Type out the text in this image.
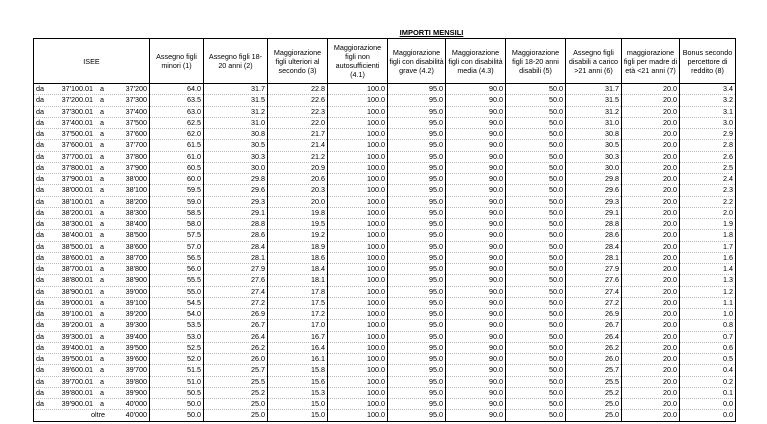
IMPORTI MENSILI
ISEE	Assegno figli minori (1)	Assegno figli 18-20 anni (2)	Maggiorazione figli ulteriori al secondo (3)	Maggiorazione figli non autosufficienti (4.1)	Maggiorazione figli con disabilità grave (4.2)	Maggiorazione figli con disabilità media (4.3)	Maggiorazione figli 18-20 anni disabili (5)	Assegno figli disabili a carico >21 anni (6)	maggiorazione figli per madre di età <21 anni (7)	Bonus secondo percettore di reddito (8)

da 37'100.01 a 37'200	64.0	31.7	22.8	100.0	95.0	90.0	50.0	31.7	20.0	3.4

da 37'200.01 a 37'300	63.5	31.5	22.6	100.0	95.0	90.0	50.0	31.5	20.0	3.2

da 37'300.01 a 37'400	63.0	31.2	22.3	100.0	95.0	90.0	50.0	31.2	20.0	3.1

da 37'400.01 a 37'500	62.5	31.0	22.0	100.0	95.0	90.0	50.0	31.0	20.0	3.0

da 37'500.01 a 37'600	62.0	30.8	21.7	100.0	95.0	90.0	50.0	30.8	20.0	2.9

da 37'600.01 a 37'700	61.5	30.5	21.4	100.0	95.0	90.0	50.0	30.5	20.0	2.8

da 37'700.01 a 37'800	61.0	30.3	21.2	100.0	95.0	90.0	50.0	30.3	20.0	2.6

da 37'800.01 a 37'900	60.5	30.0	20.9	100.0	95.0	90.0	50.0	30.0	20.0	2.5

da 37'900.01 a 38'000	60.0	29.8	20.6	100.0	95.0	90.0	50.0	29.8	20.0	2.4

da 38'000.01 a 38'100	59.5	29.6	20.3	100.0	95.0	90.0	50.0	29.6	20.0	2.3

da 38'100.01 a 38'200	59.0	29.3	20.0	100.0	95.0	90.0	50.0	29.3	20.0	2.2

da 38'200.01 a 38'300	58.5	29.1	19.8	100.0	95.0	90.0	50.0	29.1	20.0	2.0

da 38'300.01 a 38'400	58.0	28.8	19.5	100.0	95.0	90.0	50.0	28.8	20.0	1.9

da 38'400.01 a 38'500	57.5	28.6	19.2	100.0	95.0	90.0	50.0	28.6	20.0	1.8

da 38'500.01 a 38'600	57.0	28.4	18.9	100.0	95.0	90.0	50.0	28.4	20.0	1.7

da 38'600.01 a 38'700	56.5	28.1	18.6	100.0	95.0	90.0	50.0	28.1	20.0	1.6

da 38'700.01 a 38'800	56.0	27.9	18.4	100.0	95.0	90.0	50.0	27.9	20.0	1.4

da 38'800.01 a 38'900	55.5	27.6	18.1	100.0	95.0	90.0	50.0	27.6	20.0	1.3

da 38'900.01 a 39'000	55.0	27.4	17.8	100.0	95.0	90.0	50.0	27.4	20.0	1.2

da 39'000.01 a 39'100	54.5	27.2	17.5	100.0	95.0	90.0	50.0	27.2	20.0	1.1

da 39'100.01 a 39'200	54.0	26.9	17.2	100.0	95.0	90.0	50.0	26.9	20.0	1.0

da 39'200.01 a 39'300	53.5	26.7	17.0	100.0	95.0	90.0	50.0	26.7	20.0	0.8

da 39'300.01 a 39'400	53.0	26.4	16.7	100.0	95.0	90.0	50.0	26.4	20.0	0.7

da 39'400.01 a 39'500	52.5	26.2	16.4	100.0	95.0	90.0	50.0	26.2	20.0	0.6

da 39'500.01 a 39'600	52.0	26.0	16.1	100.0	95.0	90.0	50.0	26.0	20.0	0.5

da 39'600.01 a 39'700	51.5	25.7	15.8	100.0	95.0	90.0	50.0	25.7	20.0	0.4

da 39'700.01 a 39'800	51.0	25.5	15.6	100.0	95.0	90.0	50.0	25.5	20.0	0.2

da 39'800.01 a 39'900	50.5	25.2	15.3	100.0	95.0	90.0	50.0	25.2	20.0	0.1

da 39'900.01 a 40'000	50.0	25.0	15.0	100.0	95.0	90.0	50.0	25.0	20.0	0.0

oltre 40'000	50.0	25.0	15.0	100.0	95.0	90.0	50.0	25.0	20.0	0.0
